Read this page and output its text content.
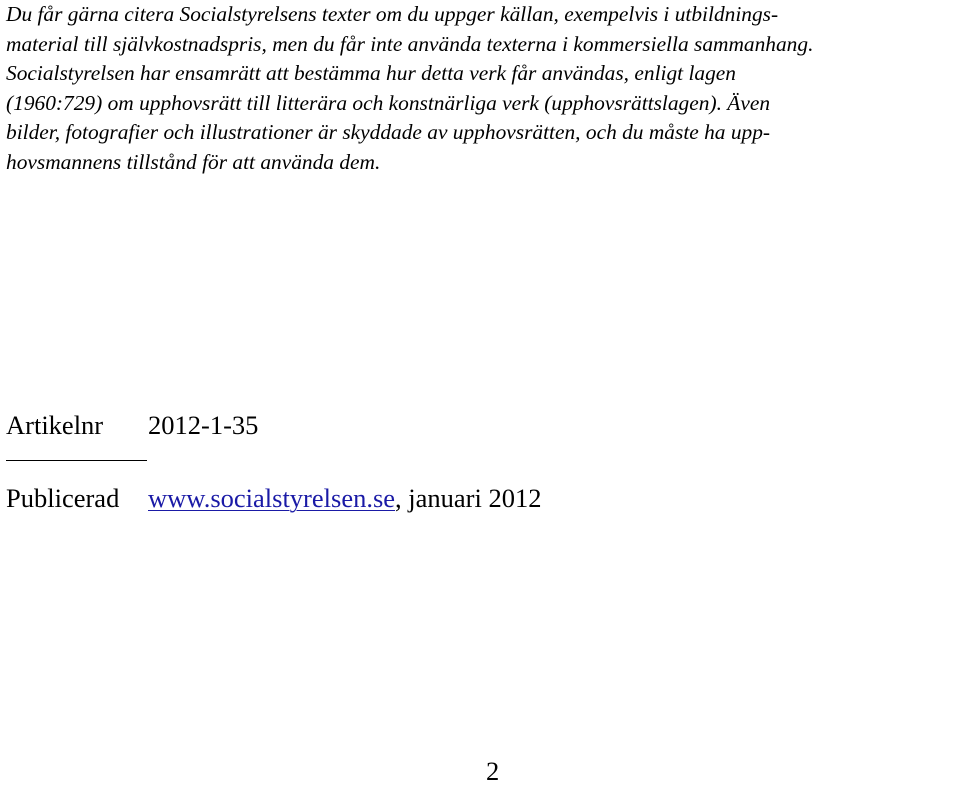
Du får gärna citera Socialstyrelsens texter om du uppger källan, exempelvis i utbildnings-
material till självkostnadspris, men du får inte använda texterna i kommersiella sammanhang.
Socialstyrelsen har ensamrätt att bestämma hur detta verk får användas, enligt lagen
(1960:729) om upphovsrätt till litterära och konstnärliga verk (upphovsrättslagen). Även
bilder, fotografier och illustrationer är skyddade av upphovsrätten, och du måste ha upp-
hovsmannens tillstånd för att använda dem.
Artikelnr 2012-1-35
Publicerad www.socialstyrelsen.se, januari 2012
2
